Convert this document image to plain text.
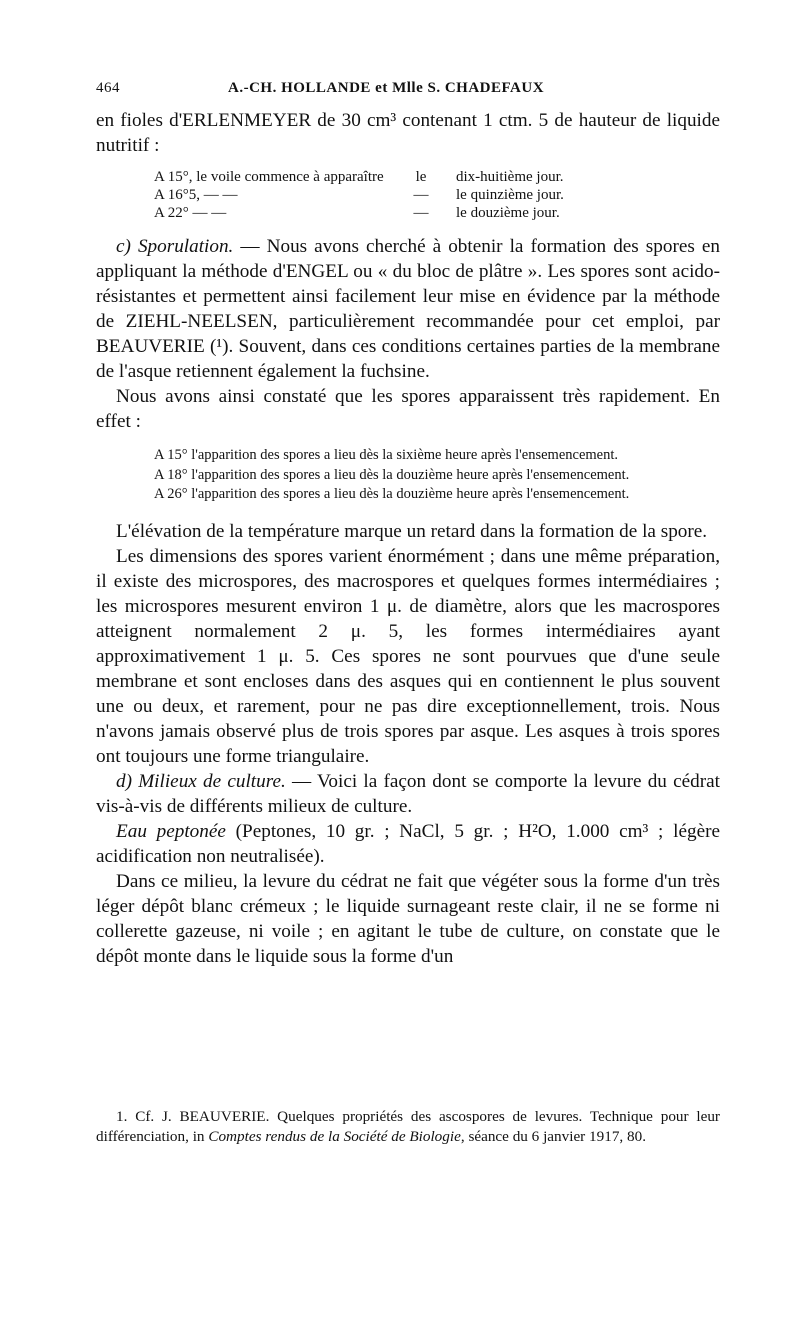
464	A.-CH. HOLLANDE et Mlle S. CHADEFAUX

en fioles d'ERLENMEYER de 30 cm³ contenant 1 ctm. 5 de hauteur de liquide nutritif :

A 15°, le voile commence à apparaître	le	dix-huitième jour.
A 16°5, — —	—	le quinzième jour.
A 22° — —	—	le douzième jour.

c) Sporulation. — Nous avons cherché à obtenir la formation des spores en appliquant la méthode d'ENGEL ou « du bloc de plâtre ». Les spores sont acido-résistantes et permettent ainsi facilement leur mise en évidence par la méthode de ZIEHL-NEELSEN, particulièrement recommandée pour cet emploi, par BEAUVERIE (¹). Souvent, dans ces conditions certaines parties de la membrane de l'asque retiennent également la fuchsine.

Nous avons ainsi constaté que les spores apparaissent très rapidement. En effet :

A 15° l'apparition des spores a lieu dès la sixième heure après l'ensemencement.

A 18° l'apparition des spores a lieu dès la douzième heure après l'ensemencement.

A 26° l'apparition des spores a lieu dès la douzième heure après l'ensemencement.

L'élévation de la température marque un retard dans la formation de la spore.

Les dimensions des spores varient énormément ; dans une même préparation, il existe des microspores, des macrospores et quelques formes intermédiaires ; les microspores mesurent environ 1 μ. de diamètre, alors que les macrospores atteignent normalement 2 μ. 5, les formes intermédiaires ayant approximativement 1 μ. 5. Ces spores ne sont pourvues que d'une seule membrane et sont encloses dans des asques qui en contiennent le plus souvent une ou deux, et rarement, pour ne pas dire exceptionnellement, trois. Nous n'avons jamais observé plus de trois spores par asque. Les asques à trois spores ont toujours une forme triangulaire.

d) Milieux de culture. — Voici la façon dont se comporte la levure du cédrat vis-à-vis de différents milieux de culture.

Eau peptonée (Peptones, 10 gr. ; NaCl, 5 gr. ; H²O, 1.000 cm³ ; légère acidification non neutralisée).

Dans ce milieu, la levure du cédrat ne fait que végéter sous la forme d'un très léger dépôt blanc crémeux ; le liquide surnageant reste clair, il ne se forme ni collerette gazeuse, ni voile ; en agitant le tube de culture, on constate que le dépôt monte dans le liquide sous la forme d'un

1. Cf. J. BEAUVERIE. Quelques propriétés des ascospores de levures. Technique pour leur différenciation, in Comptes rendus de la Société de Biologie, séance du 6 janvier 1917, 80.
